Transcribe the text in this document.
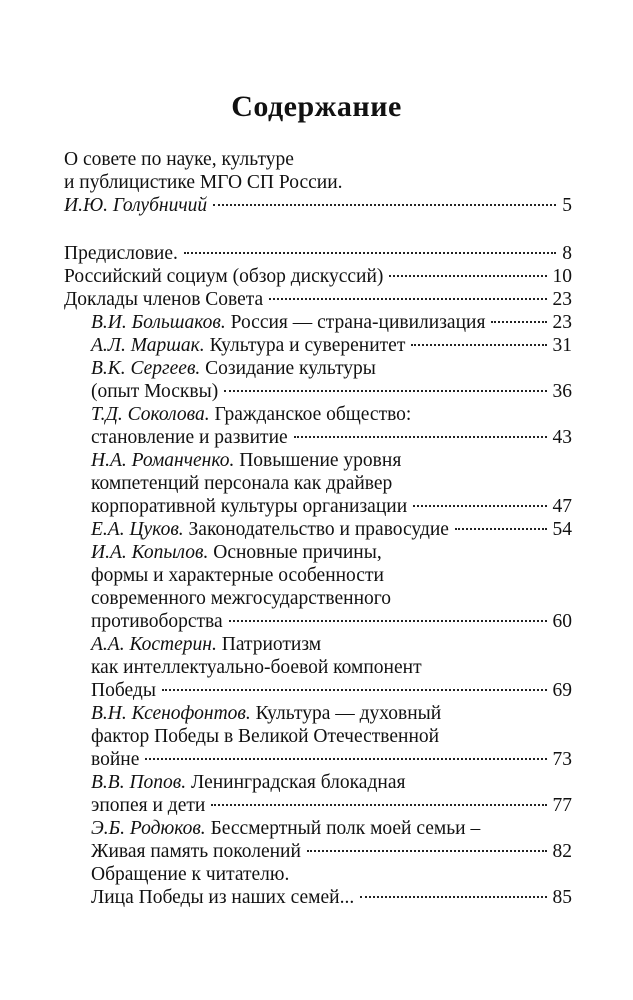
Содержание
О совете по науке, культуре
и публицистике МГО СП России.
И.Ю. Голубничий	5
Предисловие.	8
Российский социум (обзор дискуссий)	10
Доклады членов Совета	23
В.И. Большаков.
Россия — страна-цивилизация	23
А.Л. Маршак.
Культура и суверенитет	31
В.К. Сергеев.
Созидание культуры
(опыт Москвы)	36
Т.Д. Соколова.
Гражданское общество:
становление и развитие	43
Н.А. Романченко.
Повышение уровня
компетенций персонала как драйвер
корпоративной культуры организации	47
Е.А. Цуков.
Законодательство и правосудие	54
И.А. Копылов.
Основные причины,
формы и характерные особенности
современного межгосударственного
противоборства	60
А.А. Костерин.
Патриотизм
как интеллектуально-боевой компонент
Победы	69
В.Н. Ксенофонтов.
Культура — духовный
фактор Победы в Великой Отечественной
войне	73
В.В. Попов.
Ленинградская блокадная
эпопея и дети	77
Э.Б. Родюков.
Бессмертный полк моей семьи –
Живая память поколений	82
Обращение к читателю.
Лица Победы из наших семей...	85
